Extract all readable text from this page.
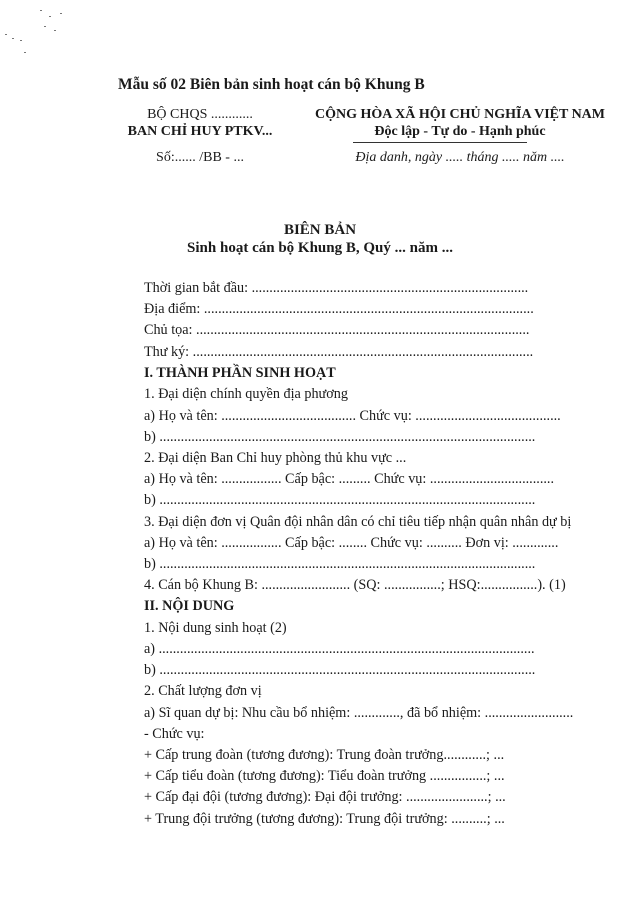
Mẫu số 02 Biên bản sinh hoạt cán bộ Khung B
BỘ CHQS ............
BAN CHỈ HUY PTKV...
Số:...... /BB - ...
CỘNG HÒA XÃ HỘI CHỦ NGHĨA VIỆT NAM
Độc lập - Tự do - Hạnh phúc
Địa danh, ngày ..... tháng ..... năm ....
BIÊN BẢN
Sinh hoạt cán bộ Khung B, Quý ... năm ...
Thời gian bắt đầu: ..............................................................................
Địa điểm: .............................................................................................
Chủ tọa: ..............................................................................................
Thư ký: ................................................................................................
I. THÀNH PHẦN SINH HOẠT
1. Đại diện chính quyền địa phương
a) Họ và tên: ...................................... Chức vụ: .........................................
b) ..........................................................................................................
2. Đại diện Ban Chỉ huy phòng thủ khu vực ...
a) Họ và tên: ................. Cấp bậc: ......... Chức vụ: ...................................
b) ..........................................................................................................
3. Đại diện đơn vị Quân đội nhân dân có chỉ tiêu tiếp nhận quân nhân dự bị
a) Họ và tên: ................. Cấp bậc: ........ Chức vụ: .......... Đơn vị: .............
b) ..........................................................................................................
4. Cán bộ Khung B: ......................... (SQ: ................; HSQ:................). (1)
II. NỘI DUNG
1. Nội dung sinh hoạt (2)
a) ..........................................................................................................
b) ..........................................................................................................
2. Chất lượng đơn vị
a) Sĩ quan dự bị: Nhu cầu bổ nhiệm: ............., đã bổ nhiệm: .........................
- Chức vụ:
+ Cấp trung đoàn (tương đương): Trung đoàn trưởng............; ...
+ Cấp tiểu đoàn (tương đương): Tiểu đoàn trưởng ................; ...
+ Cấp đại đội (tương đương): Đại đội trưởng: .......................; ...
+ Trung đội trưởng (tương đương): Trung đội trưởng: ..........; ...
